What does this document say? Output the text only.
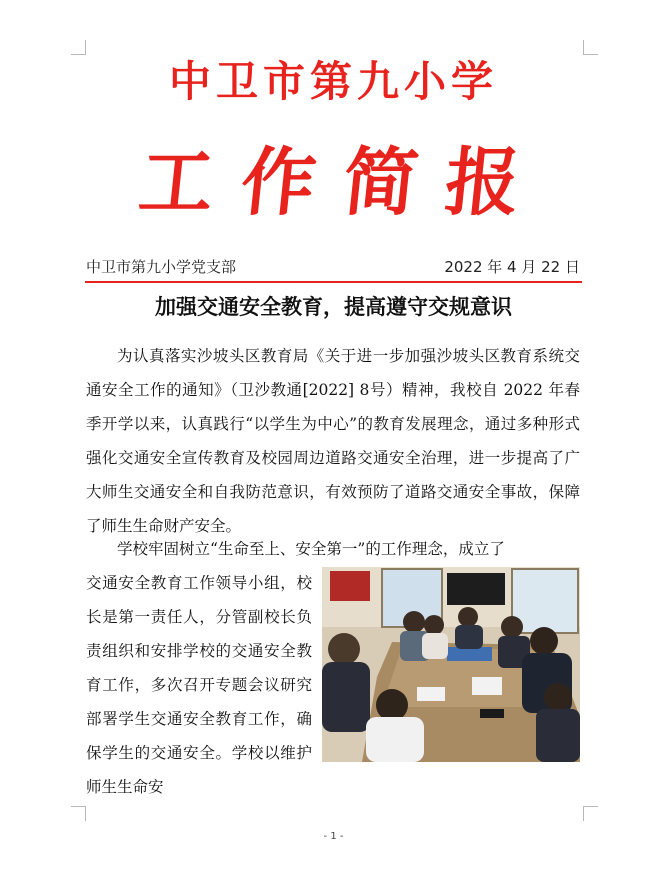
中卫市第九小学
工作简报
中卫市第九小学党支部	2022 年 4 月 22 日
加强交通安全教育，提高遵守交规意识
为认真落实沙坡头区教育局《关于进一步加强沙坡头区教育系统交通安全工作的通知》（卫沙教通[2022] 8号）精神，我校自 2022 年春季开学以来，认真践行“以学生为中心”的教育发展理念，通过多种形式强化交通安全宣传教育及校园周边道路交通安全治理，进一步提高了广大师生交通安全和自我防范意识，有效预防了道路交通安全事故，保障了师生生命财产安全。
学校牢固树立“生命至上、安全第一”的工作理念，成立了
交通安全教育工作领导小组，校长是第一责任人，分管副校长负责组织和安排学校的交通安全教育工作，多次召开专题会议研究部署学生交通安全教育工作，确保学生的交通安全。学校以维护师生生命安
- 1 -
